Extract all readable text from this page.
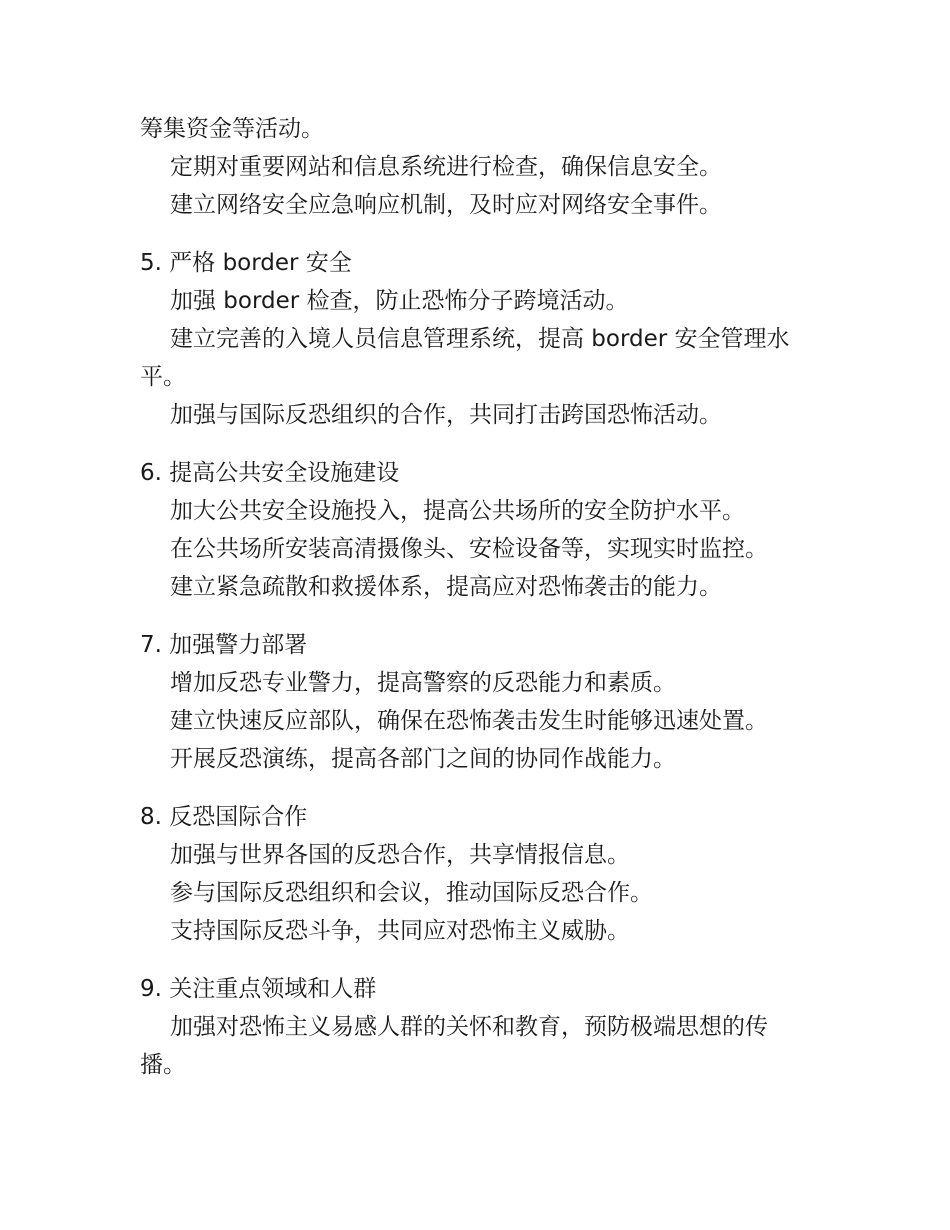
筹集资金等活动。

定期对重要网站和信息系统进行检查，确保信息安全。

建立网络安全应急响应机制，及时应对网络安全事件。

5. 严格 border 安全

加强 border 检查，防止恐怖分子跨境活动。

建立完善的入境人员信息管理系统，提高 border 安全管理水平。

加强与国际反恐组织的合作，共同打击跨国恐怖活动。

6. 提高公共安全设施建设

加大公共安全设施投入，提高公共场所的安全防护水平。

在公共场所安装高清摄像头、安检设备等，实现实时监控。

建立紧急疏散和救援体系，提高应对恐怖袭击的能力。

7. 加强警力部署

增加反恐专业警力，提高警察的反恐能力和素质。

建立快速反应部队，确保在恐怖袭击发生时能够迅速处置。

开展反恐演练，提高各部门之间的协同作战能力。

8. 反恐国际合作

加强与世界各国的反恐合作，共享情报信息。

参与国际反恐组织和会议，推动国际反恐合作。

支持国际反恐斗争，共同应对恐怖主义威胁。

9. 关注重点领域和人群

加强对恐怖主义易感人群的关怀和教育，预防极端思想的传播。
